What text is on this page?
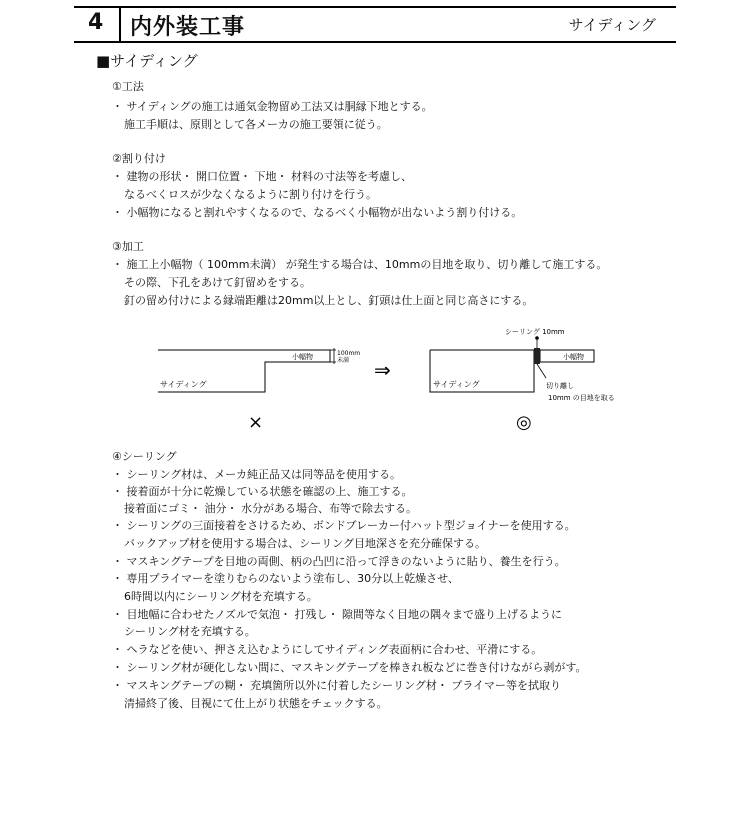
4 内外装工事	サイディング
■サイディング
①工法
・ サイディングの施工は通気金物留め工法又は胴縁下地とする。
施工手順は、原則として各メーカの施工要領に従う。
②割り付け
・ 建物の形状・ 開口位置・ 下地・ 材料の寸法等を考慮し、
なるべくロスが少なくなるように割り付けを行う。
・ 小幅物になると割れやすくなるので、なるべく小幅物が出ないよう割り付ける。
③加工
・ 施工上小幅物（ 100mm未満） が発生する場合は、10mmの目地を取り、切り離して施工する。
その際、下孔をあけて釘留めをする。
釘の留め付けによる縁端距離は20mm以上とし、釘頭は仕上面と同じ高さにする。
小幅物	100mm
未満
サイディング
×
⇒
シーリング 10mm
小幅物
サイディング	切り離し
10mm の目地を取る
◎
④シーリング
・ シーリング材は、メーカ純正品又は同等品を使用する。
・ 接着面が十分に乾燥している状態を確認の上、施工する。
接着面にゴミ・ 油分・ 水分がある場合、布等で除去する。
・ シーリングの三面接着をさけるため、ボンドブレーカー付ハット型ジョイナーを使用する。
バックアップ材を使用する場合は、シーリング目地深さを充分確保する。
・ マスキングテープを目地の両側、柄の凸凹に沿って浮きのないように貼り、養生を行う。
・ 専用プライマーを塗りむらのないよう塗布し、30分以上乾燥させ、
6時間以内にシーリング材を充填する。
・ 目地幅に合わせたノズルで気泡・ 打残し・ 隙間等なく目地の隅々まで盛り上げるように
シーリング材を充填する。
・ ヘラなどを使い、押さえ込むようにしてサイディング表面柄に合わせ、平滑にする。
・ シーリング材が硬化しない間に、マスキングテープを棒きれ板などに巻き付けながら剥がす。
・ マスキングテープの糊・ 充填箇所以外に付着したシーリング材・ プライマー等を拭取り
清掃終了後、目視にて仕上がり状態をチェックする。
